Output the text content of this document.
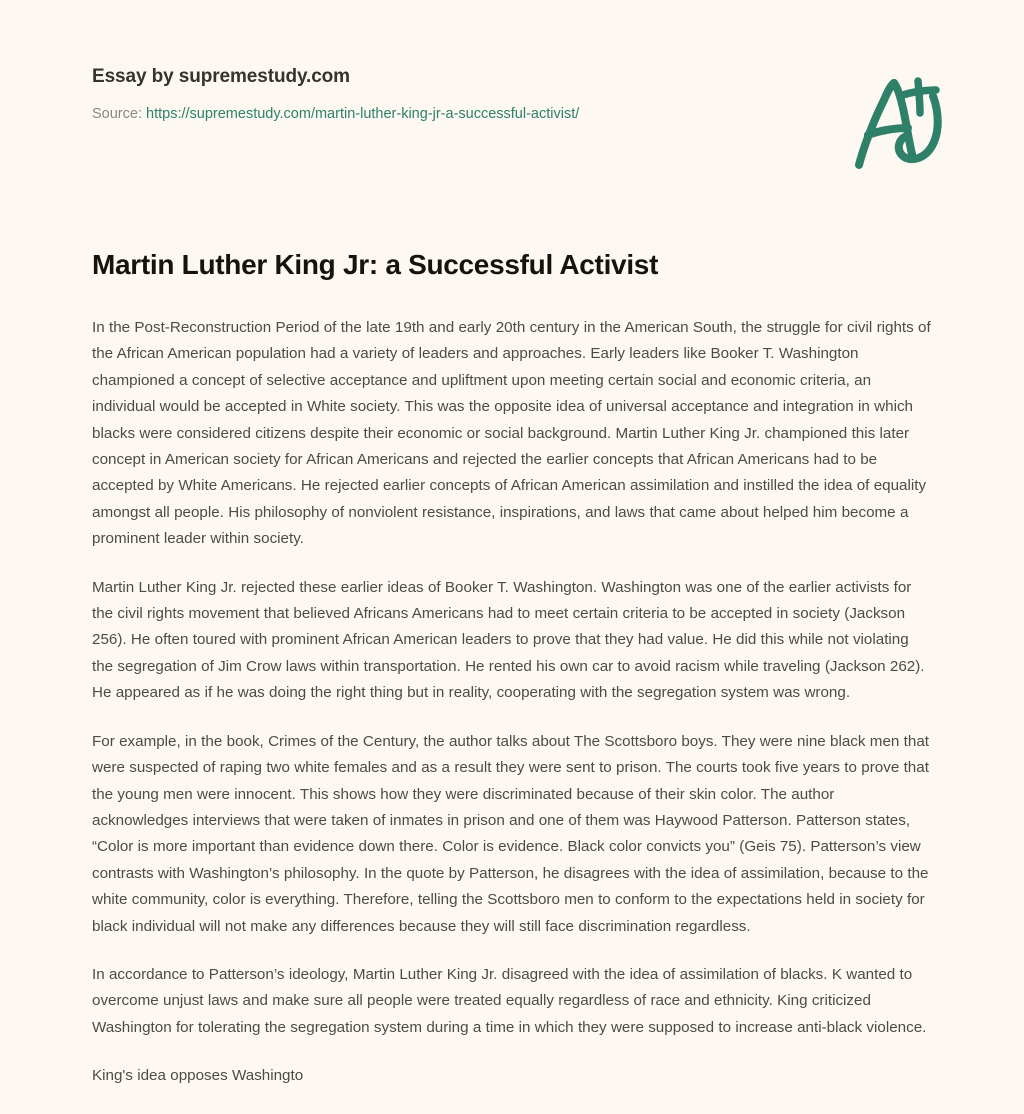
Essay by supremestudy.com
Source: https://supremestudy.com/martin-luther-king-jr-a-successful-activist/
Martin Luther King Jr: a Successful Activist

In the Post-Reconstruction Period of the late 19th and early 20th century in the American South, the struggle for civil rights of the African American population had a variety of leaders and approaches. Early leaders like Booker T. Washington championed a concept of selective acceptance and upliftment upon meeting certain social and economic criteria, an individual would be accepted in White society. This was the opposite idea of universal acceptance and integration in which blacks were considered citizens despite their economic or social background. Martin Luther King Jr. championed this later concept in American society for African Americans and rejected the earlier concepts that African Americans had to be accepted by White Americans. He rejected earlier concepts of African American assimilation and instilled the idea of equality amongst all people. His philosophy of nonviolent resistance, inspirations, and laws that came about helped him become a prominent leader within society.

Martin Luther King Jr. rejected these earlier ideas of Booker T. Washington. Washington was one of the earlier activists for the civil rights movement that believed Africans Americans had to meet certain criteria to be accepted in society (Jackson 256). He often toured with prominent African American leaders to prove that they had value. He did this while not violating the segregation of Jim Crow laws within transportation. He rented his own car to avoid racism while traveling (Jackson 262). He appeared as if he was doing the right thing but in reality, cooperating with the segregation system was wrong.

For example, in the book, Crimes of the Century, the author talks about The Scottsboro boys. They were nine black men that were suspected of raping two white females and as a result they were sent to prison. The courts took five years to prove that the young men were innocent. This shows how they were discriminated because of their skin color. The author acknowledges interviews that were taken of inmates in prison and one of them was Haywood Patterson. Patterson states, “Color is more important than evidence down there. Color is evidence. Black color convicts you” (Geis 75). Patterson’s view contrasts with Washington’s philosophy. In the quote by Patterson, he disagrees with the idea of assimilation, because to the white community, color is everything. Therefore, telling the Scottsboro men to conform to the expectations held in society for black individual will not make any differences because they will still face discrimination regardless.

In accordance to Patterson’s ideology, Martin Luther King Jr. disagreed with the idea of assimilation of blacks. K wanted to overcome unjust laws and make sure all people were treated equally regardless of race and ethnicity. King criticized Washington for tolerating the segregation system during a time in which they were supposed to increase anti-black violence.

King's idea opposes Washingto
